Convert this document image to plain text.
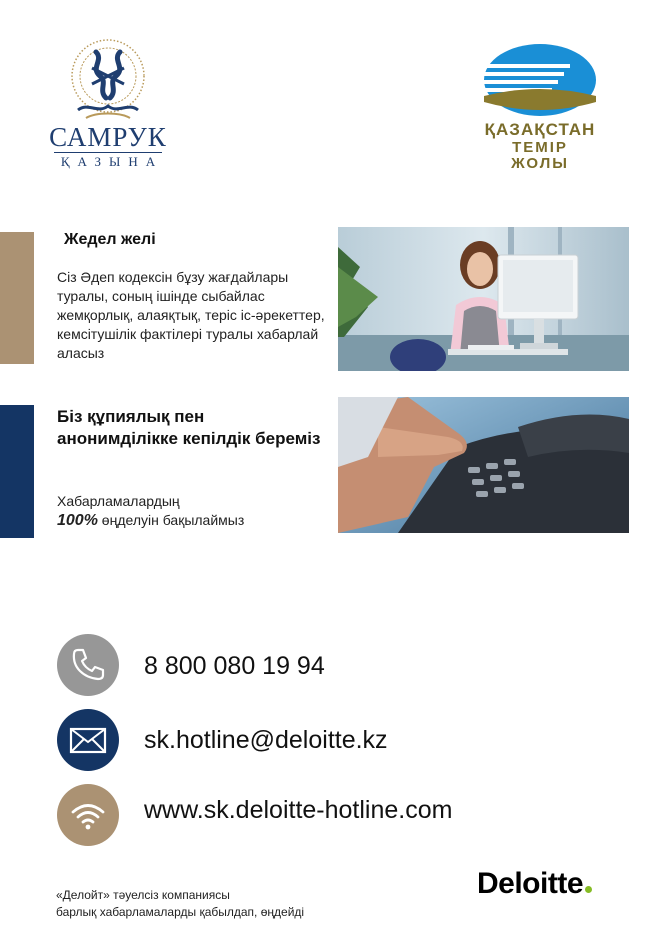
САМРУК
ҚАЗЫНА
ҚАЗАҚСТАН
ТЕМІР
ЖОЛЫ
Жедел желі
Сіз Әдеп кодексін бұзу жағдайлары туралы, соның ішінде сыбайлас жемқорлық, алаяқтық, теріс іс-әрекеттер, кемсітушілік фактілері туралы хабарлай аласыз
Біз құпиялық пен анонимділікке кепілдік береміз
Хабарламалардың
100% өңделуін бақылаймыз
8 800 080 19 94
sk.hotline@deloitte.kz
www.sk.deloitte-hotline.com
«Делойт» тәуелсіз компаниясы
барлық хабарламаларды қабылдап, өңдейді
Deloitte
